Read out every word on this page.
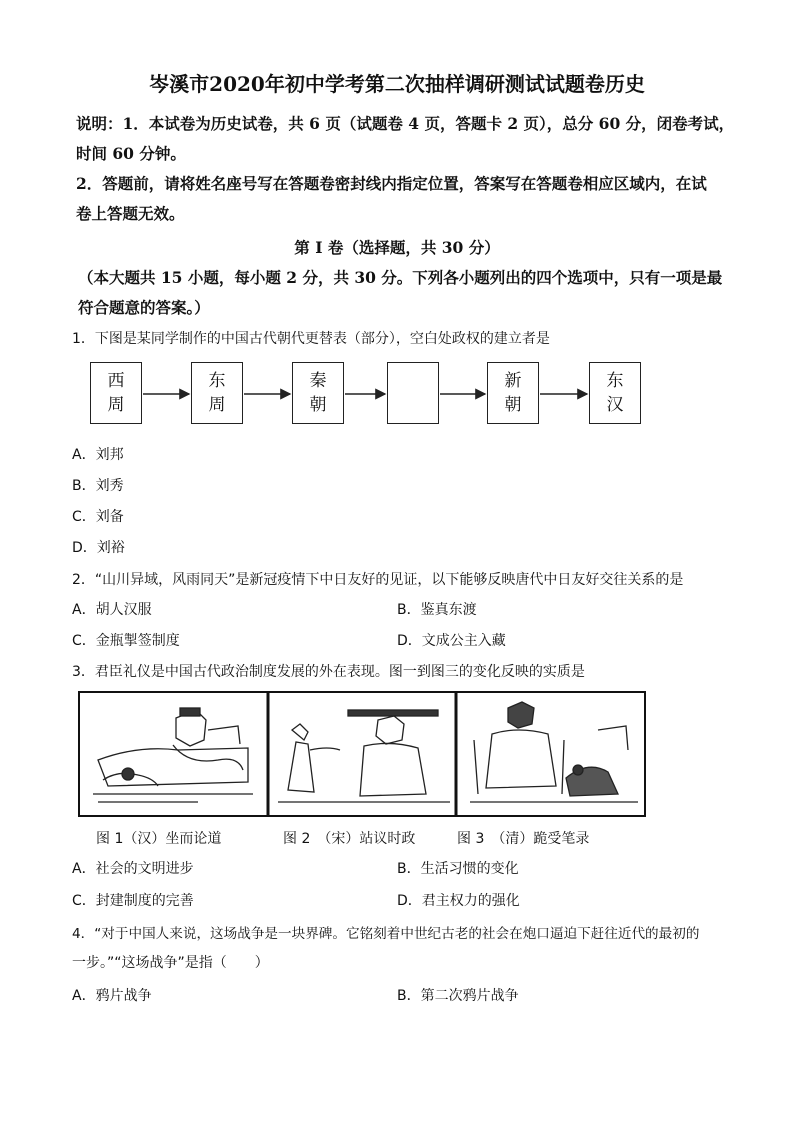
岑溪市2020年初中学考第二次抽样调研测试试题卷历史
说明：1．本试卷为历史试卷，共 6 页（试题卷 4 页，答题卡 2 页），总分 60 分，闭卷考试，
时间 60 分钟。
2．答题前，请将姓名座号写在答题卷密封线内指定位置，答案写在答题卷相应区域内，在试
卷上答题无效。
第 I 卷（选择题，共 30 分）
（本大题共 15 小题，每小题 2 分，共 30 分。下列各小题列出的四个选项中，只有一项是最
符合题意的答案。）
1．下图是某同学制作的中国古代朝代更替表（部分），空白处政权的建立者是
西
周
东
周
秦
朝
新
朝
东
汉
A．刘邦
B．刘秀
C．刘备
D．刘裕
2．“山川异域，风雨同天”是新冠疫情下中日友好的见证，以下能够反映唐代中日友好交往关系的是
A．胡人汉服	B．鉴真东渡
C．金瓶掣签制度	D．文成公主入藏
3．君臣礼仪是中国古代政治制度发展的外在表现。图一到图三的变化反映的实质是
图 1（汉）坐而论道	图 2　（宋）站议时政	图 3　（清）跪受笔录
A．社会的文明进步	B．生活习惯的变化
C．封建制度的完善	D．君主权力的强化
4．“对于中国人来说，这场战争是一块界碑。它铭刻着中世纪古老的社会在炮口逼迫下赶往近代的最初的
一步。”“这场战争”是指（　　）
A．鸦片战争	B．第二次鸦片战争
